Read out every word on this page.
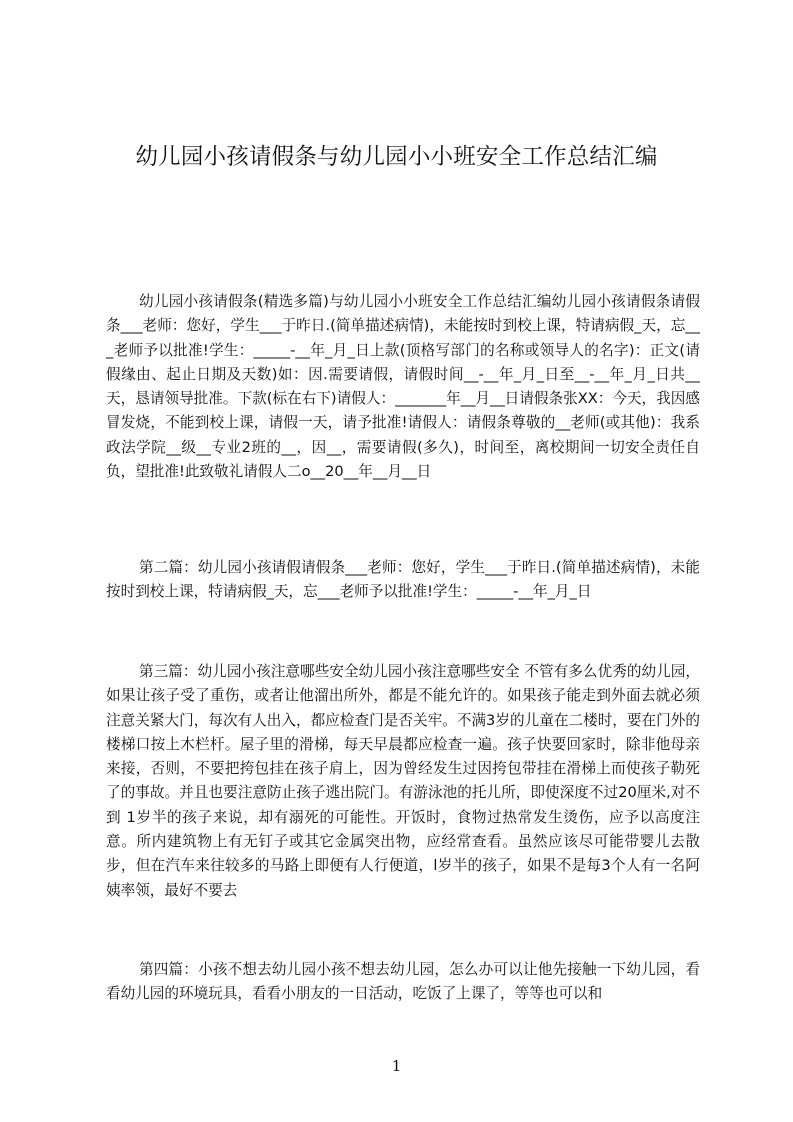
幼儿园小孩请假条与幼儿园小小班安全工作总结汇编
幼儿园小孩请假条(精选多篇)与幼儿园小小班安全工作总结汇编幼儿园小孩请假条请假条___老师：您好，学生___于昨日.(简单描述病情)，未能按时到校上课，特请病假_天，忘___老师予以批准!学生：_____-__年_月_日上款(顶格写部门的名称或领导人的名字)：正文(请假缘由、起止日期及天数)如：因.需要请假，请假时间__-__年_月_日至__-__年_月_日共__天，恳请领导批准。下款(标在右下)请假人：_______年__月__日请假条张XX：今天，我因感冒发烧，不能到校上课，请假一天，请予批准!请假人：请假条尊敬的__老师(或其他)：我系政法学院__级__专业2班的__，因__，需要请假(多久)，时间至，离校期间一切安全责任自负，望批准!此致敬礼请假人二o__20__年__月__日
第二篇：幼儿园小孩请假请假条___老师：您好，学生___于昨日.(简单描述病情)，未能按时到校上课，特请病假_天，忘___老师予以批准!学生：_____-__年_月_日
第三篇：幼儿园小孩注意哪些安全幼儿园小孩注意哪些安全 不管有多么优秀的幼儿园，如果让孩子受了重伤，或者让他溜出所外，都是不能允许的。如果孩子能走到外面去就必须注意关紧大门，每次有人出入，都应检查门是否关牢。不满3岁的儿童在二楼时，要在门外的楼梯口按上木栏杆。屋子里的滑梯，每天早晨都应检查一遍。孩子快要回家时，除非他母亲来接，否则，不要把挎包挂在孩子肩上，因为曾经发生过因挎包带挂在滑梯上而使孩子勒死了的事故。并且也要注意防止孩子逃出院门。有游泳池的托儿所，即使深度不过20厘米,对不到 1岁半的孩子来说，却有溺死的可能性。开饭时，食物过热常发生烫伤，应予以高度注意。所内建筑物上有无钉子或其它金属突出物，应经常查看。虽然应该尽可能带婴儿去散步，但在汽车来往较多的马路上即便有人行便道，l岁半的孩子，如果不是每3个人有一名阿姨率领，最好不要去
第四篇：小孩不想去幼儿园小孩不想去幼儿园，怎么办可以让他先接触一下幼儿园，看看幼儿园的环境玩具，看看小朋友的一日活动，吃饭了上课了，等等也可以和
1
